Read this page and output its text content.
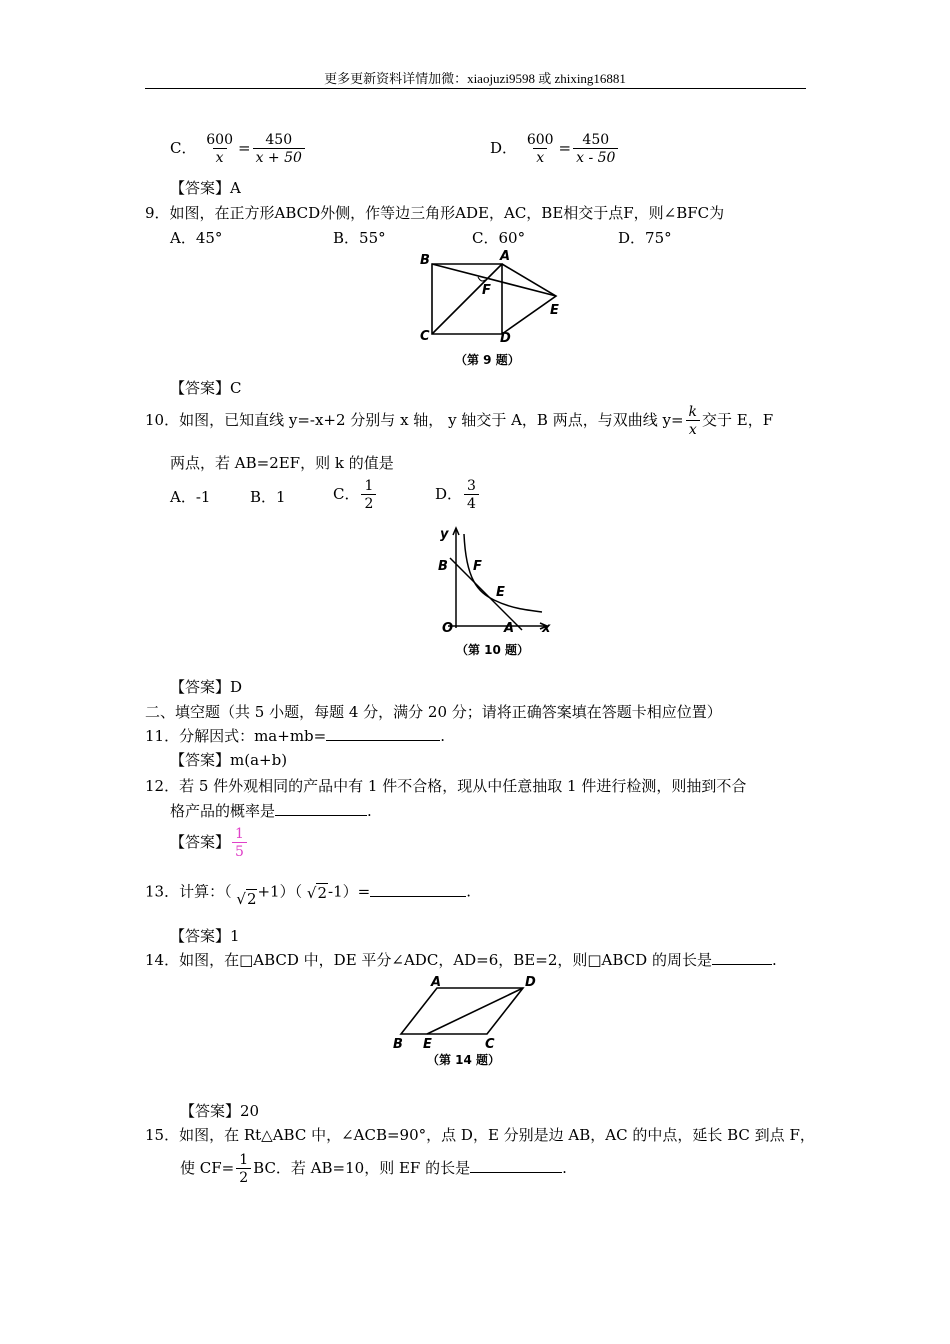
更多更新资料详情加微：xiaojuzi9598 或 zhixing16881
C． $\frac{600}{x} = \frac{450}{x + 50}$	D． $\frac{600}{x} = \frac{450}{x - 50}$
【答案】A
9．如图，在正方形ABCD外侧，作等边三角形ADE，AC，BE相交于点F，则∠BFC为
A．45°	B．55°	C．60°	D．75°
B	A
F
E
C	D
（第 9 题）
【答案】C
10．如图，已知直线 y=-x+2 分别与 x 轴， y 轴交于 A，B 两点，与双曲线 $y= \frac{k}{x}$ 交于 E，F
两点，若 AB=2EF，则 k 的值是
A．-1	B．1	C． $\frac{1}{2}$	D． $\frac{3}{4}$
y
x
O	A
B F
E
（第 10 题）
【答案】D
二、填空题（共 5 小题，每题 4 分，满分 20 分；请将正确答案填在答题卡相应位置）
11．分解因式：ma+mb=	.
【答案】m(a+b)
12．若 5 件外观相同的产品中有 1 件不合格，现从中任意抽取 1 件进行检测，则抽到不合
格产品的概率是	.
【答案】 $\frac{1}{5}$
13．计算：（ √ 2 +1）（ √ 2 -1）=	.
【答案】1
14．如图，在□ABCD 中，DE 平分∠ADC，AD=6，BE=2，则□ABCD 的周长是	.
A	D
B E	C
（第 14 题）
【答案】20
15．如图，在 Rt△ABC 中，∠ACB=90°，点 D，E 分别是边 AB，AC 的中点，延长 BC 到点 F，
使 $CF= \frac{1}{2}$ BC．若 AB=10，则 EF 的长是	.
